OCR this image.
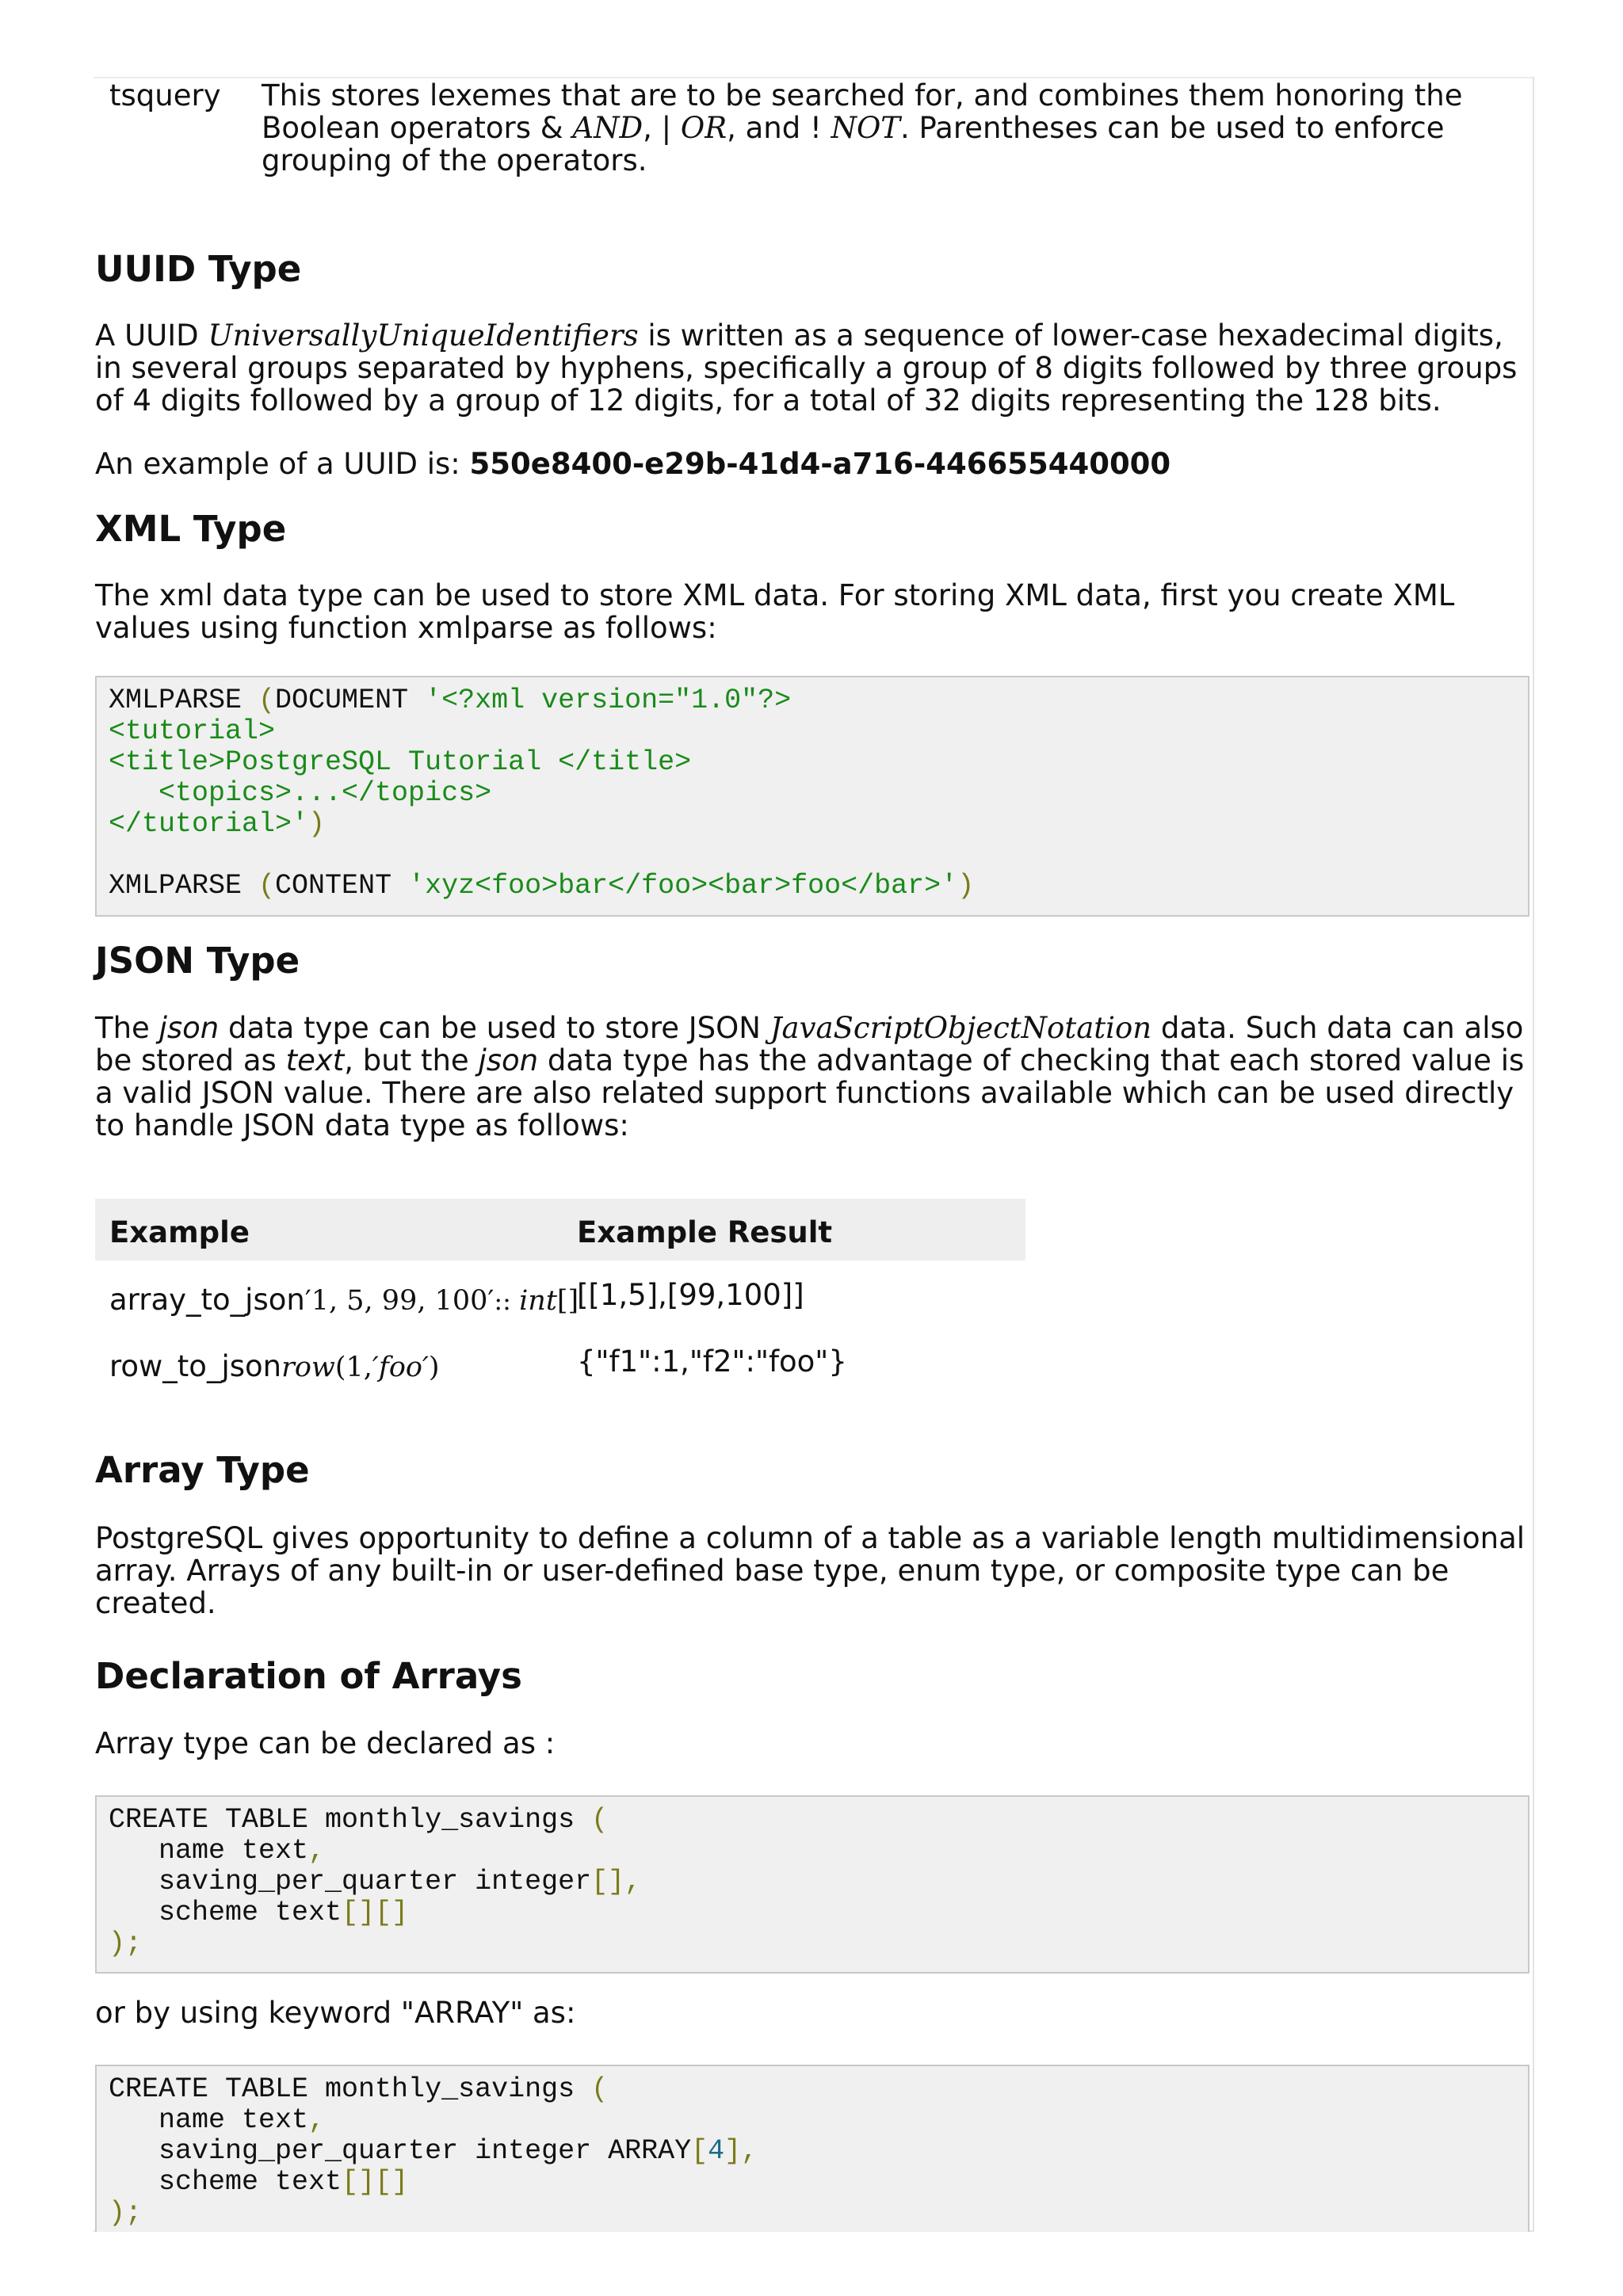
tsquery This stores lexemes that are to be searched for, and combines them honoring the Boolean operators & AND, | OR, and ! NOT. Parentheses can be used to enforce grouping of the operators.
UUID Type
A UUID UniversallyUniqueIdentifiers is written as a sequence of lower-case hexadecimal digits, in several groups separated by hyphens, specifically a group of 8 digits followed by three groups of 4 digits followed by a group of 12 digits, for a total of 32 digits representing the 128 bits.
An example of a UUID is: 550e8400-e29b-41d4-a716-446655440000
XML Type
The xml data type can be used to store XML data. For storing XML data, first you create XML values using function xmlparse as follows:
XMLPARSE (DOCUMENT '<?xml version="1.0"?>
<tutorial>
<title>PostgreSQL Tutorial </title>
<topics>...</topics>
</tutorial>')

XMLPARSE (CONTENT 'xyz<foo>bar</foo><bar>foo</bar>')
JSON Type
The json data type can be used to store JSON JavaScriptObjectNotation data. Such data can also be stored as text, but the json data type has the advantage of checking that each stored value is a valid JSON value. There are also related support functions available which can be used directly to handle JSON data type as follows:
Example	Example Result
array_to_json′1, 5, 99, 100′:: int[]
[[1,5],[99,100]]
row_to_jsonrow(1,′foo′)	{"f1":1,"f2":"foo"}
Array Type
PostgreSQL gives opportunity to define a column of a table as a variable length multidimensional array. Arrays of any built-in or user-defined base type, enum type, or composite type can be created.
Declaration of Arrays
Array type can be declared as :
CREATE TABLE monthly_savings (
name text,
saving_per_quarter integer[],
scheme text[][]
);
or by using keyword "ARRAY" as:
CREATE TABLE monthly_savings (
name text,
saving_per_quarter integer ARRAY[4],
scheme text[][]
);
